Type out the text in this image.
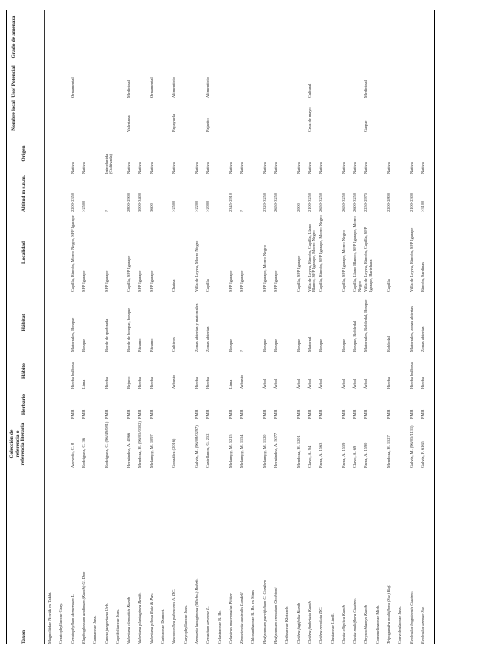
Taxon
Colección de referencia o referencia literaria
Herbario
Hábito
Hábitat
Localidad
Altitud m s.n.m.
Origen
Nombre local
Uso/ Potencial
Grado de amenaza
Magnoliidae Novák ex Takht. Ceratophyllaceae Gray. Ceratophyllum demersum L.
Azevedo, C. 8
PMB
Hierba bulbosa
Matorrales, Bosque
Capilla, Rincón, Morro Negro, SFP Igarape
2200-2350
Nativa
Ornamental
Elaphoglossum andinum (Kunth) G. Don
Rodríguez, C. 36
PMB
Lima
Bosque
SFP Igarape
>2500
Nativa
Cannaceae Juss. Canna jaegeriana Urb.
Rodríguez, C. (96/49/081)
PMB
Hierba
Borde de quebrada
SFP Igarape
?
Introducida (Cultivada)
Caprifoliaceae Juss. Valeriana clematitis Kunth
Hernández, A. 4966
PMB
Bejuco
Borde de bosque, bosque
Capilla, SFP Igarape
2800-2900
Nativa
Valeriana
Medicinal
Valeriana plantaginea Benth.
Mendoza, H. (96/05/0302)
PMB
Hierba
Páramo
SFP Igarape
3000-3400
Nativa
Valeriana pilosa Ruiz & Pav.
Melampy, M. 1097
PMB
Hierba
Páramo
SFP Igarape
3600
Nativa
Ornamental
Caricaceae Dumort. Vasconcellea pubescens A. DC.
González (2016)
Arbusto
Cultivos
Chaina
>2500
Nativa
Papayuela
Alimenticio
Caryophyllaceae Juss. Arenaria lanuginosa (Michx.) Rohrb.
Galvis, M. (96/08/0297)
PMB
Hierba
Zonas abiertas y matorrales
Villa de Leyva, Morro Negro
>2200
Nativa
Cerastium arvense L.
Castellanos, G. 252
PMB
Hierba
Zonas abiertas
Capilla
>2000
Nativa
Pajarito
Alimenticio
Celastraceae R. Br. Celastrus mucronatus Pittier
Melampy, M. 5215
PMB
Lima
Bosque
SFP Igarape
2345-2910
Nativa
Zinowiewia australis Lundell
Melampy, M. 1154
PMB
Arbusto
?
SFP Igarape
?
Nativa
Chloranthaceae R. Br. ex Sims Hedyosmum parvifolium C. Cordero
Melampy, M. 1120
PMB
Árbol
Bosque
SFP Igarape, Morro Negro
2320-3250
Nativa
Hedyosmum crenatum Occhioni
Hernández, A. 5077
PMB
Árbol
Bosque
SFP Igarape
2650-3250
Nativa
Clethraceae Klotzsch Clethra fagifolia Kunth
Mendoza, H. 1201
PMB
Árbol
Bosque
Capilla, SFP Igarape
2000
Nativa
Clethra fimbriata Kunth
Clavo, A. 94
PMB
Árbol
Matorral
Villa de Leyva, Rincón, Capilla, Llano Blanco, SFP Igarape, Morro Negro
2100-3250
Nativa
Cruz de mayo
Cultural
Clethra revoluta DC.
Parra, A. 1563
PMB
Árbol
Bosque
Capilla, Rincón, SFP Igarape, Morro Negro
2650-3250
Nativa
Clusiaceae Lindl. Clusia elliptica Kunth
Parra, A. 1559
PMB
Árbol
Bosque
Capilla, SFP Igarape, Morro Negro
2650-3250
Nativa
Clusia multiflora Cuatrec.
Clavo, A. 69
PMB
Árbol
Bosque, Robledal
Capilla, Llano Blanco, SFP Igarape, Morro Negro
2600-3250
Nativa
Chrysochlamys Kunth
Parra, A. 1590
PMB
Árbol
Matorrales, Robledal, Bosque
Villa de Leyva, Rincón, Capilla, SFP Igarape, Barichara
2250-2975
Nativa
Gaque
Medicinal
Commelinaceae Mirb. Tripogandra multiflora (Sw.) Raf.
Mendoza, H. 1527
PMB
Hierba
Robledal
Capilla
2200-2800
Nativa
Convolvulaceae Juss. Evolvulus bogotensis Cuatrec.
Galvis, M. (96/05/1131)
PMB
Hierba bulbosa
Matorrales, zonas abiertas
Villa de Leyva, Rincón, SFP Igarape
2100-2300
Nativa
Evolvulus arenae Sw.
Galvis, F. 6165
PMB
Hierba
Zonas abiertas
Rincón, Sardinas
>3100
Nativa
